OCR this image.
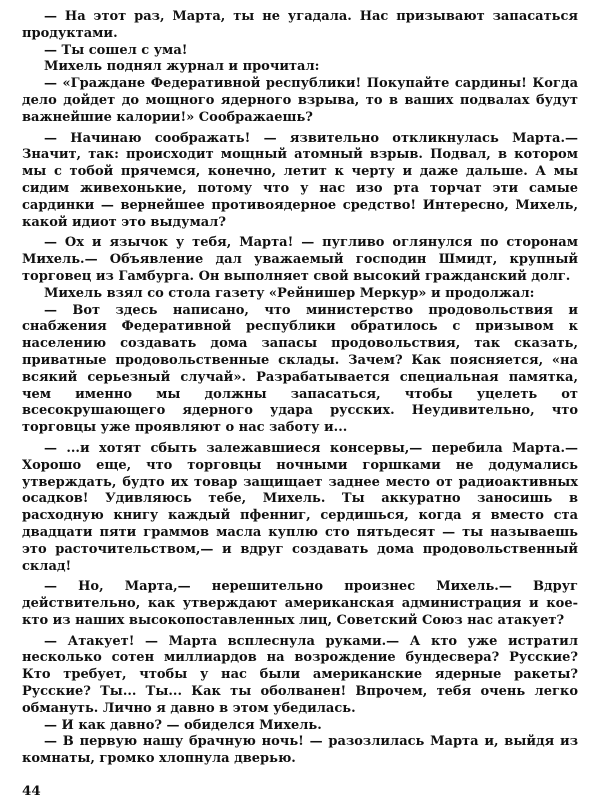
— На этот раз, Марта, ты не угадала. Нас призывают запасаться продуктами.

— Ты сошел с ума!

Михель поднял журнал и прочитал:

— «Граждане Федеративной республики! Покупайте сардины! Когда дело дойдет до мощного ядерного взрыва, то в ваших подвалах будут важнейшие калории!» Соображаешь?

— Начинаю соображать! — язвительно откликнулась Марта.— Значит, так: происходит мощный атомный взрыв. Подвал, в котором мы с тобой прячемся, конечно, летит к черту и даже дальше. А мы сидим живехонькие, потому что у нас изо рта торчат эти самые сардинки — вернейшее противоядерное средство! Интересно, Михель, какой идиот это выдумал?

— Ох и язычок у тебя, Марта! — пугливо оглянулся по сторонам Михель.— Объявление дал уважаемый господин Шмидт, крупный торговец из Гамбурга. Он выполняет свой высокий гражданский долг.

Михель взял со стола газету «Рейнишер Меркур» и продолжал:

— Вот здесь написано, что министерство продовольствия и снабжения Федеративной республики обратилось с призывом к населению создавать дома запасы продовольствия, так сказать, приватные продовольственные склады. Зачем? Как поясняется, «на всякий серьезный случай». Разрабатывается специальная памятка, чем именно мы должны запасаться, чтобы уцелеть от всесокрушающего ядерного удара русских. Неудивительно, что торговцы уже проявляют о нас заботу и...

— ...и хотят сбыть залежавшиеся консервы,— перебила Марта.— Хорошо еще, что торговцы ночными горшками не додумались утверждать, будто их товар защищает заднее место от радиоактивных осадков! Удивляюсь тебе, Михель. Ты аккуратно заносишь в расходную книгу каждый пфенниг, сердишься, когда я вместо ста двадцати пяти граммов масла куплю сто пятьдесят — ты называешь это расточительством,— и вдруг создавать дома продовольственный склад!

— Но, Марта,— нерешительно произнес Михель.— Вдруг действительно, как утверждают американская администрация и кое-кто из наших высокопоставленных лиц, Советский Союз нас атакует?

— Атакует! — Марта всплеснула руками.— А кто уже истратил несколько сотен миллиардов на возрождение бундесвера? Русские? Кто требует, чтобы у нас были американские ядерные ракеты? Русские? Ты... Ты... Как ты оболванен! Впрочем, тебя очень легко обмануть. Лично я давно в этом убедилась.

— И как давно? — обиделся Михель.

— В первую нашу брачную ночь! — разозлилась Марта и, выйдя из комнаты, громко хлопнула дверью.

44
